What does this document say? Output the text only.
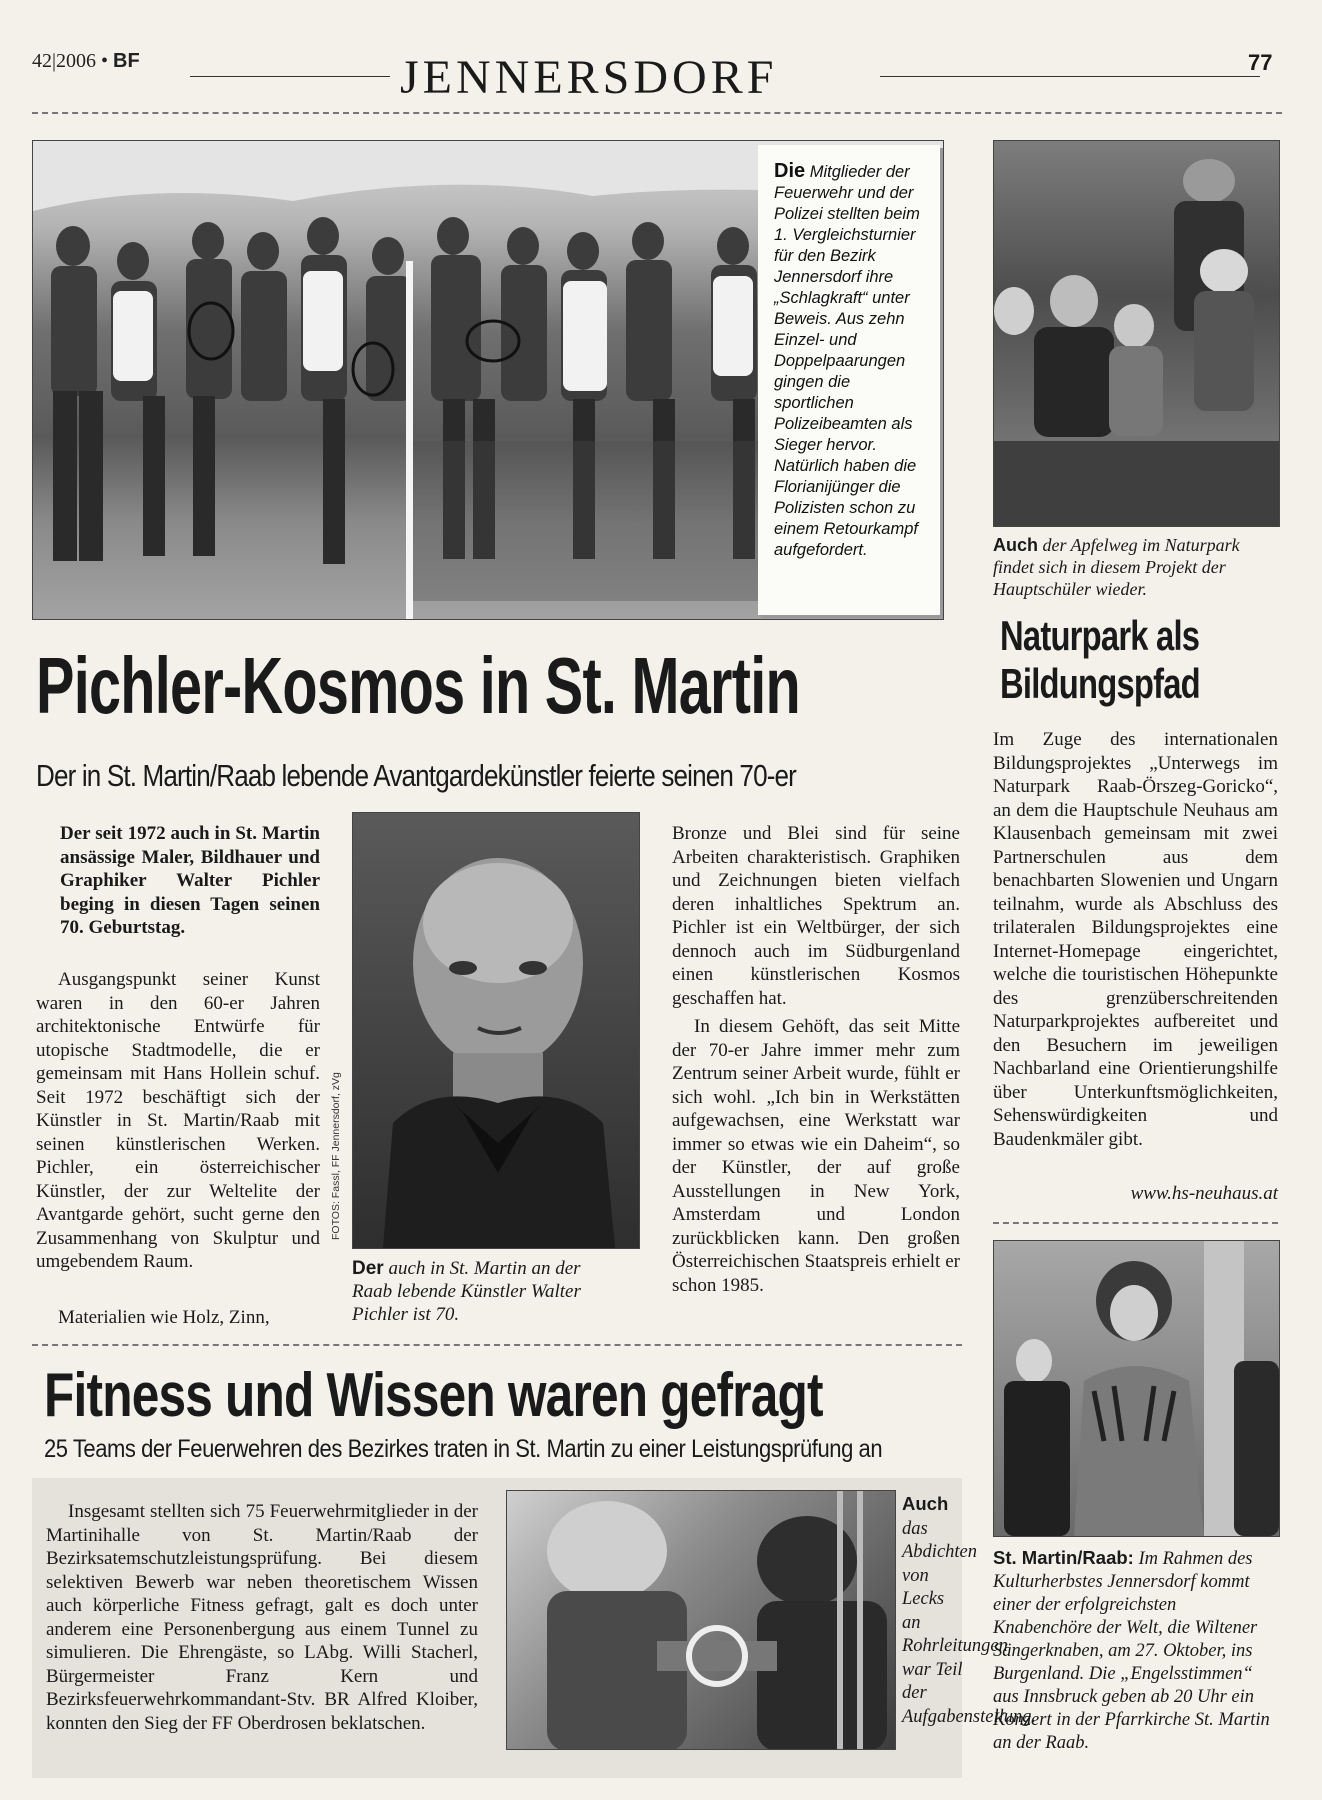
42|2006 • BF	JENNERSDORF	77
Die Mitglieder der Feuerwehr und der Polizei stellten beim 1. Vergleichsturnier für den Bezirk Jennersdorf ihre „Schlagkraft“ unter Beweis. Aus zehn Einzel- und Doppelpaarungen gingen die sportlichen Polizeibeamten als Sieger hervor. Natürlich haben die Florianijünger die Polizisten schon zu einem Retourkampf aufgefordert.	Auch der Apfelweg im Naturpark findet sich in diesem Projekt der Hauptschüler wieder.
Naturpark als
Bildungspfad
Im Zuge des internationalen Bildungsprojektes „Unterwegs im Naturpark Raab-Örszeg-Goricko“, an dem die Hauptschule Neuhaus am Klausenbach gemeinsam mit zwei Partnerschulen aus dem benachbarten Slowenien und Ungarn teilnahm, wurde als Abschluss des trilateralen Bildungsprojektes eine Internet-Homepage eingerichtet, welche die touristischen Höhepunkte des grenzüberschreitenden Naturparkprojektes aufbereitet und den Besuchern im jeweiligen Nachbarland eine Orientierungshilfe über Unterkunftsmöglichkeiten, Sehenswürdigkeiten und Baudenkmäler gibt.
www.hs-neuhaus.at
Pichler-Kosmos in St. Martin
Der in St. Martin/Raab lebende Avantgardekünstler feierte seinen 70-er
Der seit 1972 auch in St. Martin ansässige Maler, Bildhauer und Graphiker Walter Pichler beging in diesen Tagen seinen 70. Geburtstag.
Ausgangspunkt seiner Kunst waren in den 60-er Jahren architektonische Entwürfe für utopische Stadtmodelle, die er gemeinsam mit Hans Hollein schuf. Seit 1972 beschäftigt sich der Künstler in St. Martin/Raab mit seinen künstlerischen Werken. Pichler, ein österreichischer Künstler, der zur Weltelite der Avantgarde gehört, sucht gerne den Zusammenhang von Skulptur und umgebendem Raum.
Materialien wie Holz, Zinn,
FOTOS: Fassl, FF Jennersdorf, zVg
Der auch in St. Martin an der Raab lebende Künstler Walter Pichler ist 70.
Bronze und Blei sind für seine Arbeiten charakteristisch. Graphiken und Zeichnungen bieten vielfach deren inhaltliches Spektrum an. Pichler ist ein Weltbürger, der sich dennoch auch im Südburgenland einen künstlerischen Kosmos geschaffen hat.
In diesem Gehöft, das seit Mitte der 70-er Jahre immer mehr zum Zentrum seiner Arbeit wurde, fühlt er sich wohl. „Ich bin in Werkstätten aufgewachsen, eine Werkstatt war immer so etwas wie ein Daheim“, so der Künstler, der auf große Ausstellungen in New York, Amsterdam und London zurückblicken kann. Den großen Österreichischen Staatspreis erhielt er schon 1985.
Fitness und Wissen waren gefragt
25 Teams der Feuerwehren des Bezirkes traten in St. Martin zu einer Leistungsprüfung an
Insgesamt stellten sich 75 Feuerwehrmitglieder in der Martinihalle von St. Martin/Raab der Bezirksatemschutzleistungsprüfung. Bei diesem selektiven Bewerb war neben theoretischem Wissen auch körperliche Fitness gefragt, galt es doch unter anderem eine Personenbergung aus einem Tunnel zu simulieren. Die Ehrengäste, so LAbg. Willi Stacherl, Bürgermeister Franz Kern und Bezirksfeuerwehrkommandant-Stv. BR Alfred Kloiber, konnten den Sieg der FF Oberdrosen beklatschen.
Auch das Abdichten von Lecks an Rohrleitungen war Teil der Aufgabenstellung.
St. Martin/Raab: Im Rahmen des Kulturherbstes Jennersdorf kommt einer der erfolgreichsten Knabenchöre der Welt, die Wiltener Sängerknaben, am 27. Oktober, ins Burgenland. Die „Engelsstimmen“ aus Innsbruck geben ab 20 Uhr ein Konzert in der Pfarrkirche St. Martin an der Raab.
